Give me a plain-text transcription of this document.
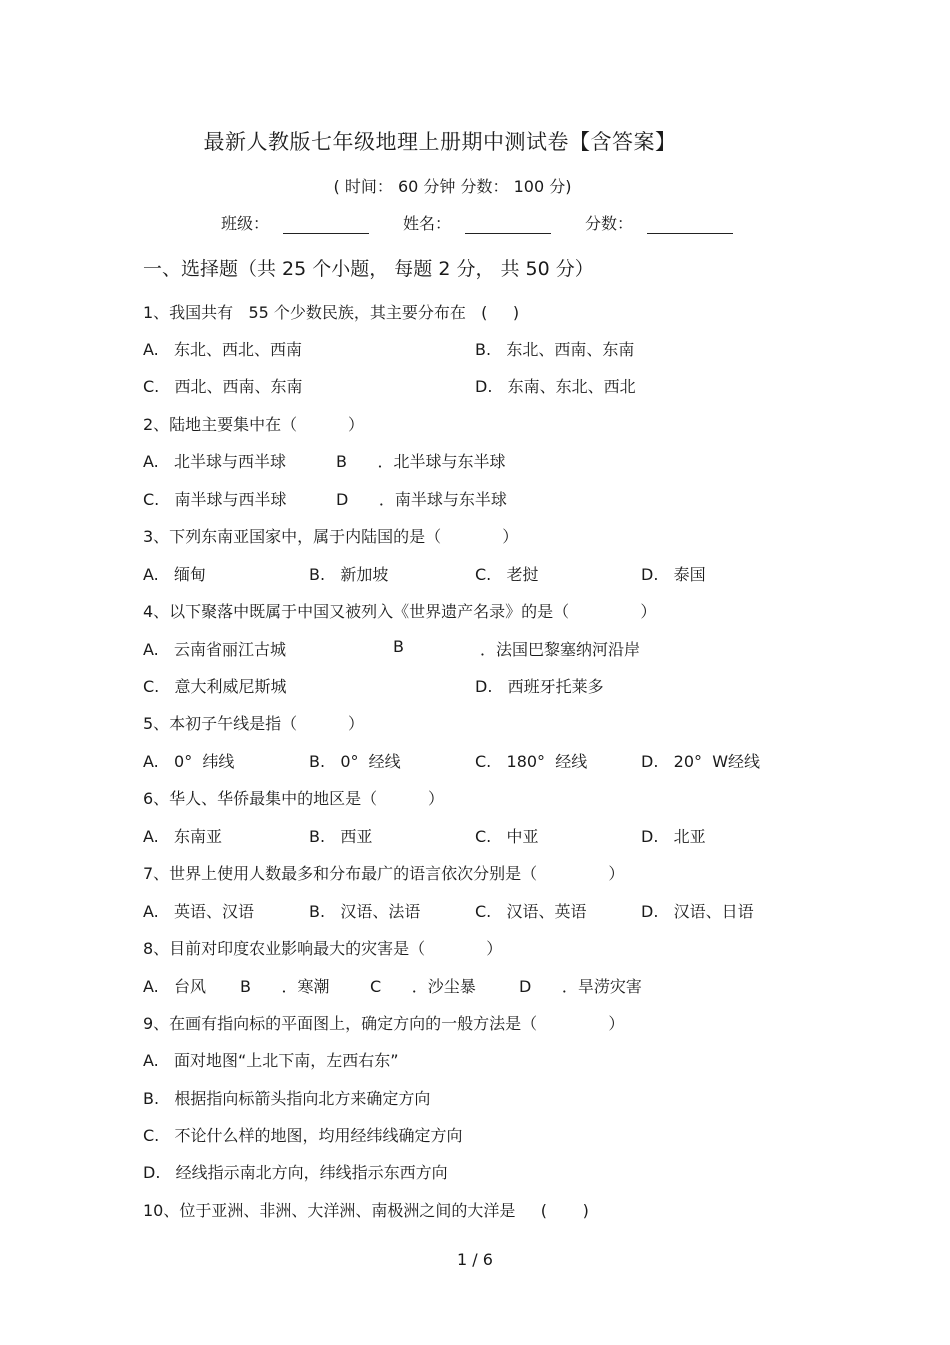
最新人教版七年级地理上册期中测试卷【含答案】
( 时间： 60 分钟 分数： 100 分)
班级：	姓名：	分数：
一、选择题（共 25 个小题， 每题 2 分， 共 50 分）
1、我国共有   55 个少数民族，其主要分布在   (     )
A.   东北、西北、西南	B.   东北、西南、东南
C.   西北、西南、东南	D.   东南、东北、西北
2、陆地主要集中在（          ）
A.   北半球与西半球	B      ．北半球与东半球
C.   南半球与西半球	D      ．南半球与东半球
3、下列东南亚国家中，属于内陆国的是（            ）
A.   缅甸	B.   新加坡	C.   老挝	D.   泰国
4、以下聚落中既属于中国又被列入《世界遗产名录》的是（              ）
A.   云南省丽江古城	B	．法国巴黎塞纳河沿岸
C.   意大利威尼斯城	D.   西班牙托莱多
5、本初子午线是指（          ）
A.   0°  纬线	B.   0°  经线	C.   180°  经线	D.   20°  W经线
6、华人、华侨最集中的地区是（          ）
A.   东南亚	B.   西亚	C.   中亚	D.   北亚
7、世界上使用人数最多和分布最广的语言依次分别是（              ）
A.   英语、汉语	B.   汉语、法语	C.   汉语、英语	D.   汉语、日语
8、目前对印度农业影响最大的灾害是（            ）
A.   台风 B      ．寒潮	C      ．沙尘暴	D      ．旱涝灾害
9、在画有指向标的平面图上，确定方向的一般方法是（              ）
A.   面对地图“上北下南，左西右东”
B.   根据指向标箭头指向北方来确定方向
C.   不论什么样的地图，均用经纬线确定方向
D.   经线指示南北方向，纬线指示东西方向
10、位于亚洲、非洲、大洋洲、南极洲之间的大洋是     (       )
1 / 6
